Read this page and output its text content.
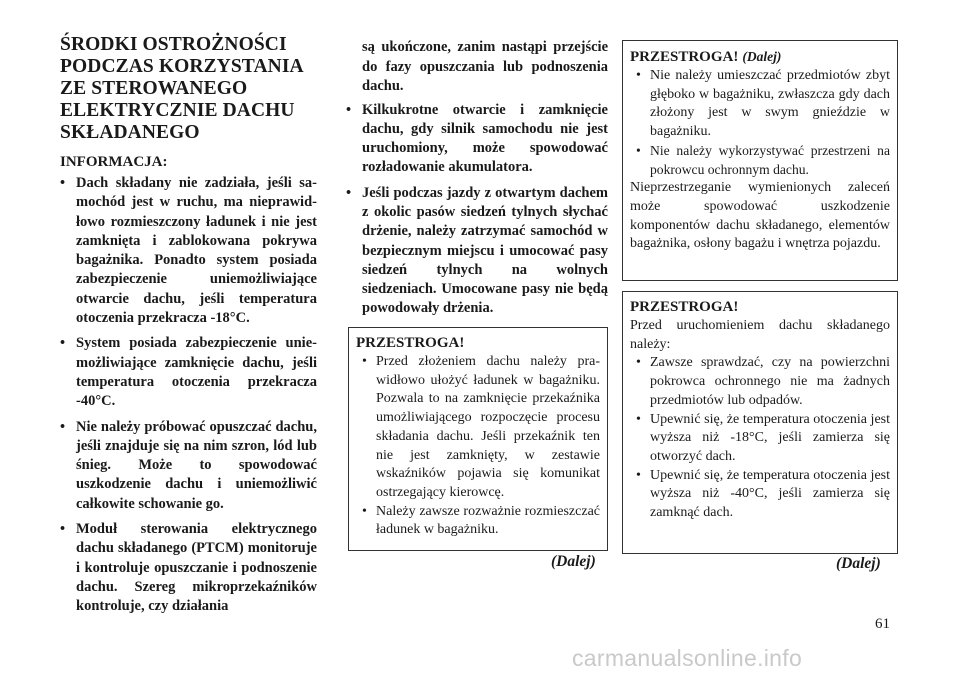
ŚRODKI OSTROŻNOŚCI
PODCZAS KORZYSTANIA
ZE STEROWANEGO
ELEKTRYCZNIE DACHU
SKŁADANEGO
INFORMACJA:
• Dach składany nie zadziała, jeśli samochód jest w ruchu, ma nieprawidłowo rozmieszczony ładunek i nie jest zamknięta i zablokowana pokrywa bagażnika. Ponadto system posiada zabezpieczenie uniemożliwiające otwarcie dachu, jeśli temperatura otoczenia przekracza -18°C.
• System posiada zabezpieczenie uniemożliwiające zamknięcie dachu, jeśli temperatura otoczenia przekracza -40°C.
• Nie należy próbować opuszczać dachu, jeśli znajduje się na nim szron, lód lub śnieg. Może to spowodować uszkodzenie dachu i uniemożliwić całkowite schowanie go.
• Moduł sterowania elektrycznego dachu składanego (PTCM) monitoruje i kontroluje opuszczanie i podnoszenie dachu. Szereg mikroprzekaźników kontroluje, czy działania
są ukończone, zanim nastąpi przejście do fazy opuszczania lub podnoszenia dachu.
• Kilkukrotne otwarcie i zamknięcie dachu, gdy silnik samochodu nie jest uruchomiony, może spowodować rozładowanie akumulatora.
• Jeśli podczas jazdy z otwartym dachem z okolic pasów siedzeń tylnych słychać drżenie, należy zatrzymać samochód w bezpiecznym miejscu i umocować pasy siedzeń tylnych na wolnych siedzeniach. Umocowane pasy nie będą powodowały drżenia.
PRZESTROGA!
• Przed złożeniem dachu należy prawidłowo ułożyć ładunek w bagażniku. Pozwala to na zamknięcie przekaźnika umożliwiającego rozpoczęcie procesu składania dachu. Jeśli przekaźnik ten nie jest zamknięty, w zestawie wskaźników pojawia się komunikat ostrzegający kierowcę.
• Należy zawsze rozważnie rozmieszczać ładunek w bagażniku.
(Dalej)
PRZESTROGA! (Dalej)
• Nie należy umieszczać przedmiotów zbyt głęboko w bagażniku, zwłaszcza gdy dach złożony jest w swym gnieździe w bagażniku.
• Nie należy wykorzystywać przestrzeni na pokrowcu ochronnym dachu.

Nieprzestrzeganie wymienionych zaleceń może spowodować uszkodzenie komponentów dachu składanego, elementów bagażnika, osłony bagażu i wnętrza pojazdu.

PRZESTROGA!

Przed uruchomieniem dachu składanego należy:

• Zawsze sprawdzać, czy na powierzchni pokrowca ochronnego nie ma żadnych przedmiotów lub odpadów.
• Upewnić się, że temperatura otoczenia jest wyższa niż -18°C, jeśli zamierza się otworzyć dach.
• Upewnić się, że temperatura otoczenia jest wyższa niż -40°C, jeśli zamierza się zamknąć dach.
(Dalej)
61
carmanualsonline.info
